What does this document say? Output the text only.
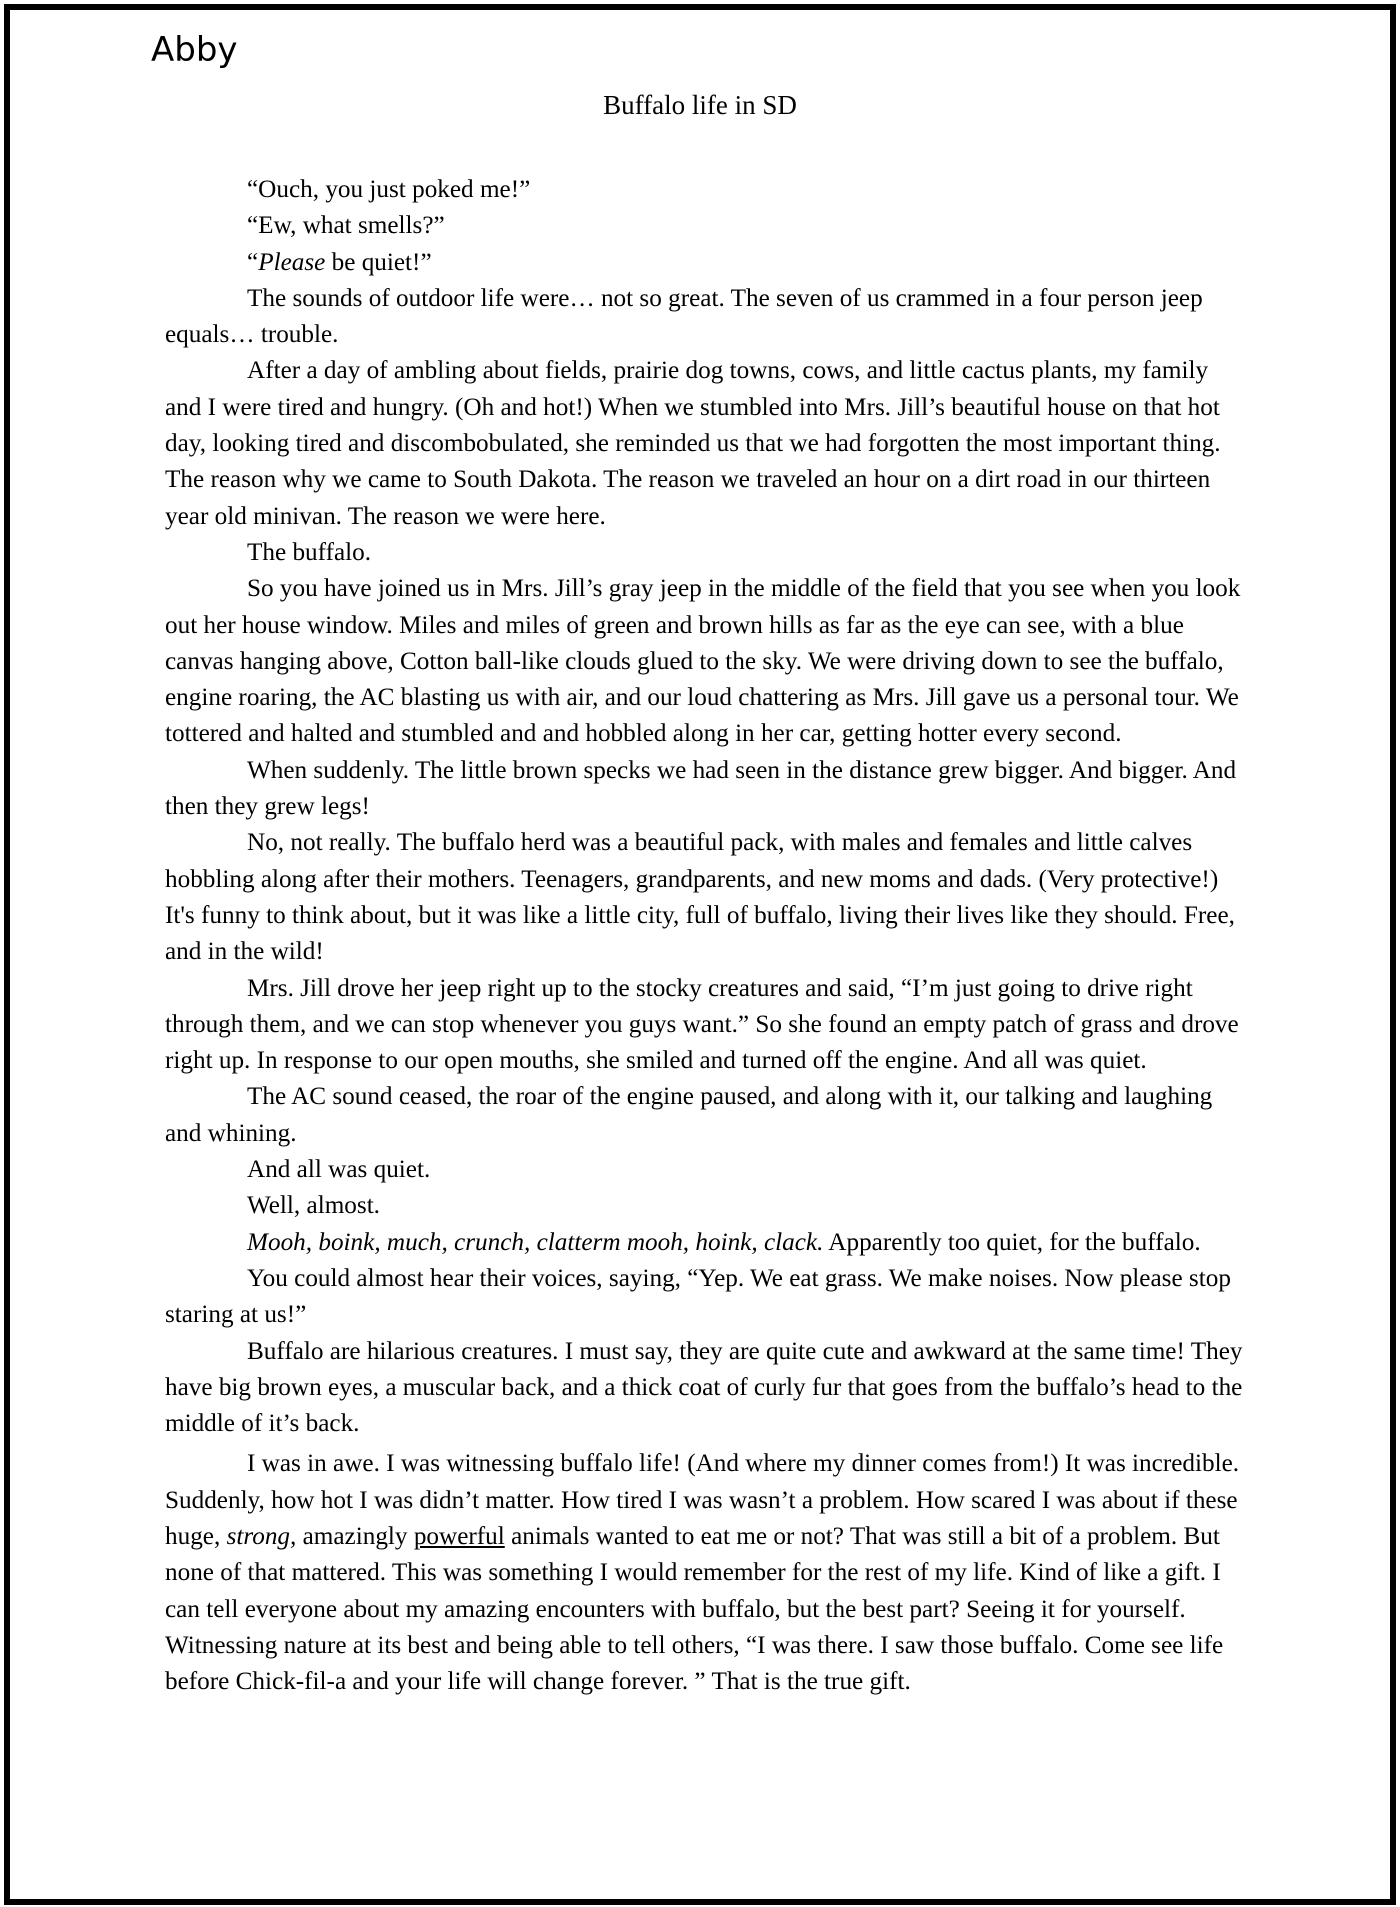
Abby
Buffalo life in SD

“Ouch, you just poked me!”

“Ew, what smells?”

“Please be quiet!”

The sounds of outdoor life were… not so great. The seven of us crammed in a four person jeep equals… trouble.

After a day of ambling about fields, prairie dog towns, cows, and little cactus plants, my family and I were tired and hungry. (Oh and hot!) When we stumbled into Mrs. Jill’s beautiful house on that hot day, looking tired and discombobulated, she reminded us that we had forgotten the most important thing. The reason why we came to South Dakota. The reason we traveled an hour on a dirt road in our thirteen year old minivan. The reason we were here.

The buffalo.

So you have joined us in Mrs. Jill’s gray jeep in the middle of the field that you see when you look out her house window. Miles and miles of green and brown hills as far as the eye can see, with a blue canvas hanging above, Cotton ball-like clouds glued to the sky. We were driving down to see the buffalo, engine roaring, the AC blasting us with air, and our loud chattering as Mrs. Jill gave us a personal tour. We tottered and halted and stumbled and and hobbled along in her car, getting hotter every second.

When suddenly. The little brown specks we had seen in the distance grew bigger. And bigger. And then they grew legs!

No, not really. The buffalo herd was a beautiful pack, with males and females and little calves hobbling along after their mothers. Teenagers, grandparents, and new moms and dads. (Very protective!) It's funny to think about, but it was like a little city, full of buffalo, living their lives like they should. Free, and in the wild!

Mrs. Jill drove her jeep right up to the stocky creatures and said, “I’m just going to drive right through them, and we can stop whenever you guys want.” So she found an empty patch of grass and drove right up. In response to our open mouths, she smiled and turned off the engine. And all was quiet.

The AC sound ceased, the roar of the engine paused, and along with it, our talking and laughing and whining.

And all was quiet.

Well, almost.

Mooh, boink, much, crunch, clatterm mooh, hoink, clack. Apparently too quiet, for the buffalo.

You could almost hear their voices, saying, “Yep. We eat grass. We make noises. Now please stop staring at us!”

Buffalo are hilarious creatures. I must say, they are quite cute and awkward at the same time! They have big brown eyes, a muscular back, and a thick coat of curly fur that goes from the buffalo’s head to the middle of it’s back.

I was in awe. I was witnessing buffalo life! (And where my dinner comes from!) It was incredible. Suddenly, how hot I was didn’t matter. How tired I was wasn’t a problem. How scared I was about if these huge, strong, amazingly powerful animals wanted to eat me or not? That was still a bit of a problem. But none of that mattered. This was something I would remember for the rest of my life. Kind of like a gift. I can tell everyone about my amazing encounters with buffalo, but the best part? Seeing it for yourself. Witnessing nature at its best and being able to tell others, “I was there. I saw those buffalo. Come see life before Chick-fil-a and your life will change forever. ” That is the true gift.
